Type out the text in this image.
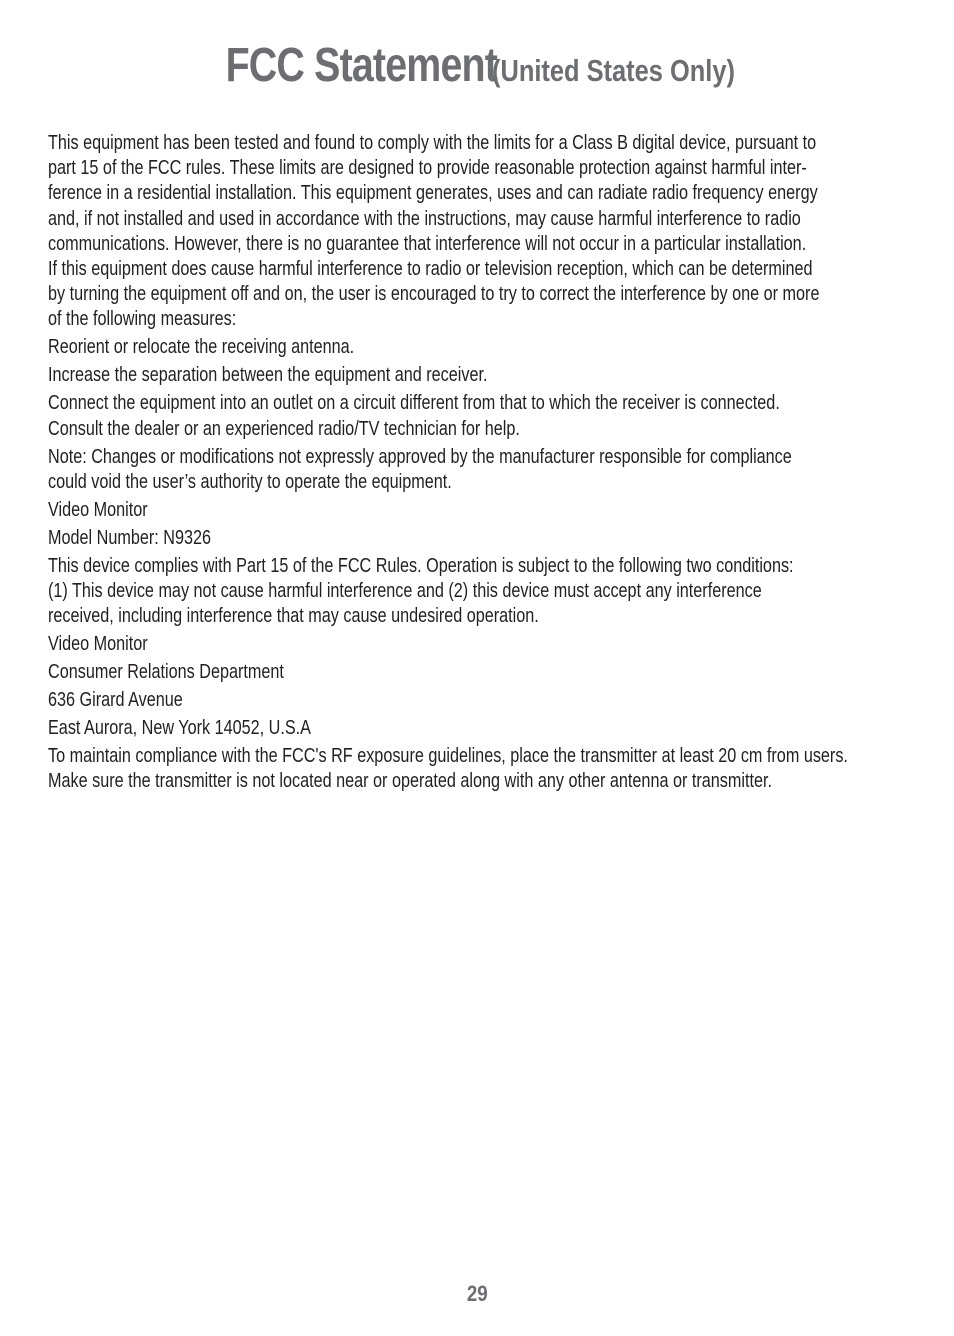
FCC Statement (United States Only)

This equipment has been tested and found to comply with the limits for a Class B digital device, pursuant to
part 15 of the FCC rules. These limits are designed to provide reasonable protection against harmful inter-
ference in a residential installation. This equipment generates, uses and can radiate radio frequency energy
and, if not installed and used in accordance with the instructions, may cause harmful interference to radio
communications. However, there is no guarantee that interference will not occur in a particular installation.
If this equipment does cause harmful interference to radio or television reception, which can be determined
by turning the equipment off and on, the user is encouraged to try to correct the interference by one or more
of the following measures:

Reorient or relocate the receiving antenna.

Increase the separation between the equipment and receiver.

Connect the equipment into an outlet on a circuit different from that to which the receiver is connected.
Consult the dealer or an experienced radio/TV technician for help.

Note: Changes or modifications not expressly approved by the manufacturer responsible for compliance
could void the user’s authority to operate the equipment.

Video Monitor

Model Number: N9326

This device complies with Part 15 of the FCC Rules. Operation is subject to the following two conditions:
(1) This device may not cause harmful interference and (2) this device must accept any interference
received, including interference that may cause undesired operation.

Video Monitor

Consumer Relations Department

636 Girard Avenue

East Aurora, New York 14052, U.S.A

To maintain compliance with the FCC's RF exposure guidelines, place the transmitter at least 20 cm from users.
Make sure the transmitter is not located near or operated along with any other antenna or transmitter.

29
